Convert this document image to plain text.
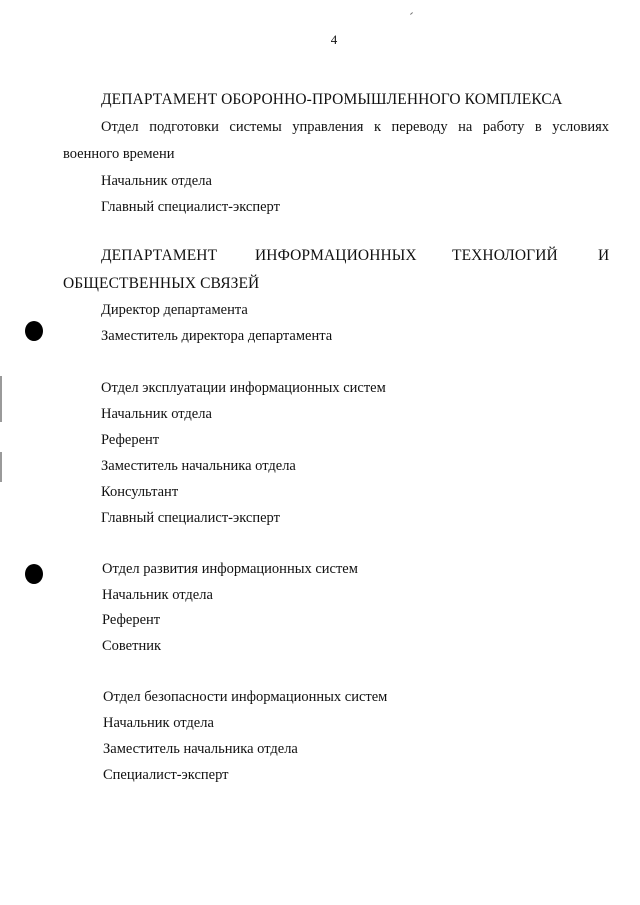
4
ДЕПАРТАМЕНТ ОБОРОННО-ПРОМЫШЛЕННОГО КОМПЛЕКСА
Отдел подготовки системы управления к переводу на работу в условиях
военного времени
Начальник отдела
Главный специалист-эксперт
ДЕПАРТАМЕНТ ИНФОРМАЦИОННЫХ ТЕХНОЛОГИЙ	И
ОБЩЕСТВЕННЫХ СВЯЗЕЙ
Директор департамента
Заместитель директора департамента
Отдел эксплуатации информационных систем
Начальник отдела
Референт
Заместитель начальника отдела
Консультант
Главный специалист-эксперт
Отдел развития информационных систем
Начальник отдела
Референт
Советник
Отдел безопасности информационных систем
Начальник отдела
Заместитель начальника отдела
Специалист-эксперт
